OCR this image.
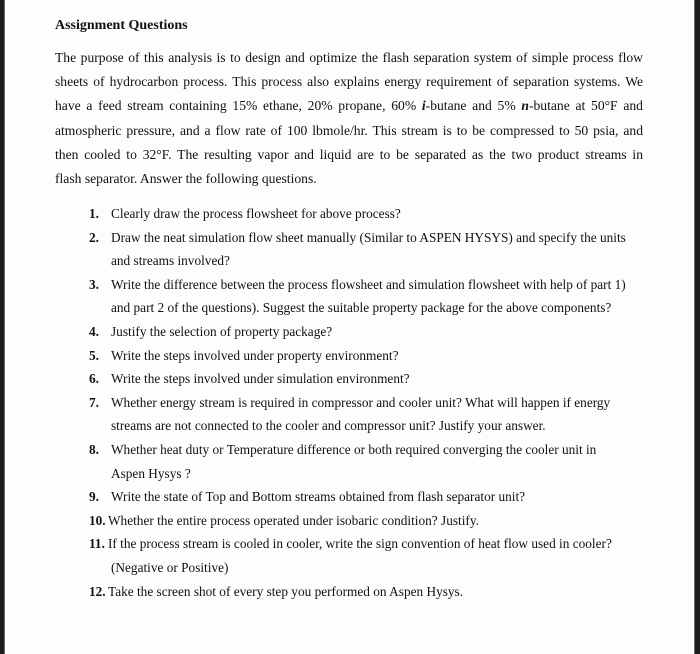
Assignment Questions
The purpose of this analysis is to design and optimize the flash separation system of simple process flow
sheets of hydrocarbon process. This process also explains energy requirement of separation systems. We
have a feed stream containing 15% ethane, 20% propane, 60% i-butane and 5% n-butane at 50°F and
atmospheric pressure, and a flow rate of 100 lbmole/hr. This stream is to be compressed to 50 psia, and
then cooled to 32°F. The resulting vapor and liquid are to be separated as the two product streams in
flash separator. Answer the following questions.
1. Clearly draw the process flowsheet for above process?
2. Draw the neat simulation flow sheet manually (Similar to ASPEN HYSYS) and specify the units
and streams involved?
3. Write the difference between the process flowsheet and simulation flowsheet with help of part 1)
and part 2 of the questions). Suggest the suitable property package for the above components?
4. Justify the selection of property package?
5. Write the steps involved under property environment?
6. Write the steps involved under simulation environment?
7. Whether energy stream is required in compressor and cooler unit? What will happen if energy
streams are not connected to the cooler and compressor unit? Justify your answer.
8. Whether heat duty or Temperature difference or both required converging the cooler unit in
Aspen Hysys ?
9. Write the state of Top and Bottom streams obtained from flash separator unit?
10. Whether the entire process operated under isobaric condition? Justify.
11. If the process stream is cooled in cooler, write the sign convention of heat flow used in cooler?
(Negative or Positive)
12. Take the screen shot of every step you performed on Aspen Hysys.
